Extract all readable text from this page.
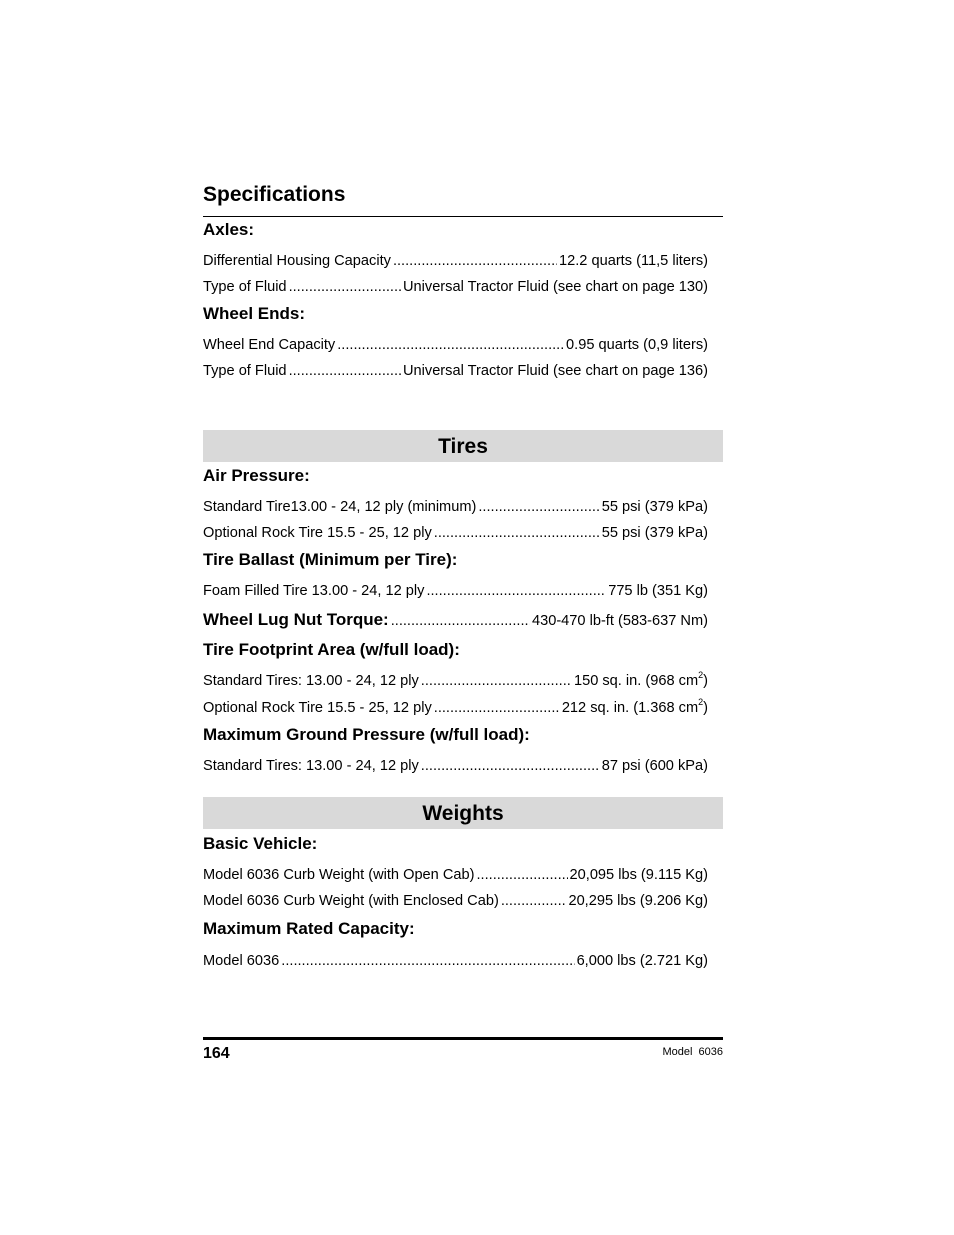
Specifications
Axles:
Differential Housing Capacity .....	12.2 quarts (11,5 liters)
Type of Fluid .....	Universal Tractor Fluid (see chart on page 130)
Wheel Ends:
Wheel End Capacity .....	0.95 quarts (0,9 liters)
Type of Fluid .....	Universal Tractor Fluid (see chart on page 136)
Tires
Air Pressure:
Standard Tire13.00 - 24, 12 ply (minimum) .....	55 psi (379 kPa)
Optional Rock Tire 15.5 - 25, 12 ply .....	55 psi (379 kPa)
Tire Ballast (Minimum per Tire):
Foam Filled Tire 13.00 - 24, 12 ply .....	775 lb (351 Kg)
Wheel Lug Nut Torque: .....	430-470 lb-ft (583-637 Nm)
Tire Footprint Area (w/full load):
Standard Tires: 13.00 - 24, 12 ply .....	150 sq. in. (968 $cm^2$)
Optional Rock Tire 15.5 - 25, 12 ply .....	212 sq. in. (1.368 $cm^2$)
Maximum Ground Pressure (w/full load):
Standard Tires: 13.00 - 24, 12 ply .....	87 psi (600 kPa)
Weights
Basic Vehicle:
Model 6036 Curb Weight (with Open Cab) .....	20,095 lbs (9.115 Kg)
Model 6036 Curb Weight (with Enclosed Cab) .....	20,295 lbs (9.206 Kg)
Maximum Rated Capacity:
Model 6036 .....	6,000 lbs (2.721 Kg)
164	Model  6036
